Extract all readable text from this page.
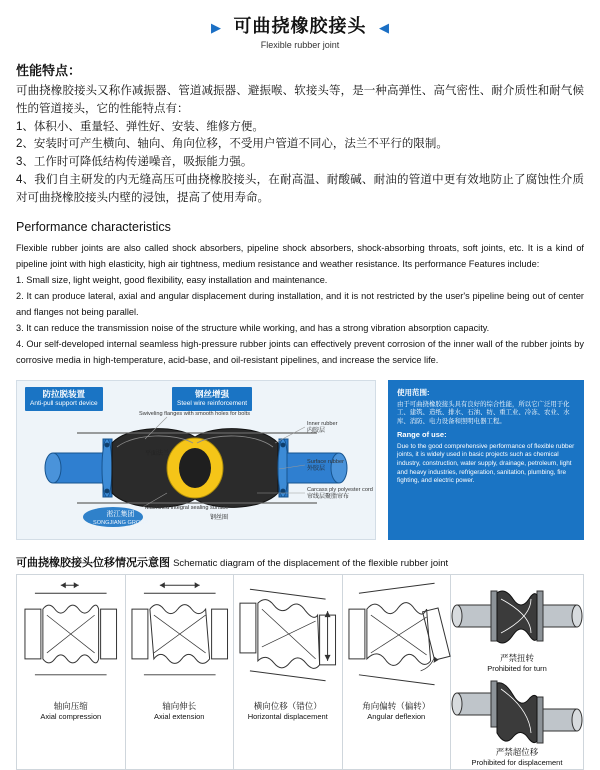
▶ 可曲挠橡胶接头 ◀
Flexible rubber joint
性能特点：

可曲挠橡胶接头又称作减振器、管道减振器、避振喉、软接头等，是一种高弹性、高气密性、耐介质性和耐气候性的管道接头，它的性能特点有：

1、体积小、重量轻、弹性好、安装、维修方便。

2、安装时可产生横向、轴向、角向位移，不受用户管道不同心，法兰不平行的限制。

3、工作时可降低结构传递噪音，吸振能力强。

4、我们自主研发的内无缝高压可曲挠橡胶接头，在耐高温、耐酸碱、耐油的管道中更有效地防止了腐蚀性介质对可曲挠橡胶接头内壁的浸蚀，提高了使用寿命。

Performance characteristics

Flexible rubber joints are also called shock absorbers, pipeline shock absorbers, shock-absorbing throats, soft joints, etc. It is a kind of pipeline joint with high elasticity, high air tightness, medium resistance and weather resistance. Its performance Features include:

1. Small size, light weight, good flexibility, easy installation and maintenance.

2. It can produce lateral, axial and angular displacement during installation, and it is not restricted by the user's pipeline being out of center and flanges not being parallel.

3. It can reduce the transmission noise of the structure while working, and has a strong vibration absorption capacity.

4. Our self-developed internal seamless high-pressure rubber joints can effectively prevent corrosion of the inner wall of the rubber joints by corrosive media in high-temperature, acid-base, and oil-resistant pipelines, and increase the service life.

防拉脱装置
Anti-pull support device
钢丝增强
Steel wire reinforcement
Swiveling flanges with smooth holes for bolts
平面法兰
Machined integral sealing surface
钢丝圈
Inner rubber
内胶层
Surface rubber
外胶层
Carcass ply polyester cord
帘线层聚脂帘布
淞江集团
SONGJIANG GROUP
使用范围:
由于可曲挠橡胶接头具有良好的综合性能，所以它广泛用于化工、建筑、造纸、排水、石油、纺、重工业、冷冻、农业、水库、消防、电力设备和照明电器工程。
Range of use:
Due to the good comprehensive performance of flexible rubber joints, it is widely used in basic projects such as chemical industry, construction, water supply, drainage, petroleum, light and heavy industries, refrigeration, sanitation, plumbing, fire fighting, and electric power.
可曲挠橡胶接头位移情况示意图 Schematic diagram of the displacement of the flexible rubber joint
轴向压缩
Axial compression
轴向伸长
Axial extension
横向位移（错位）
Horizontal displacement
角向偏转（偏转）
Angular deflexion
严禁扭转
Prohibited for turn
严禁超位移
Prohibited for displacement
